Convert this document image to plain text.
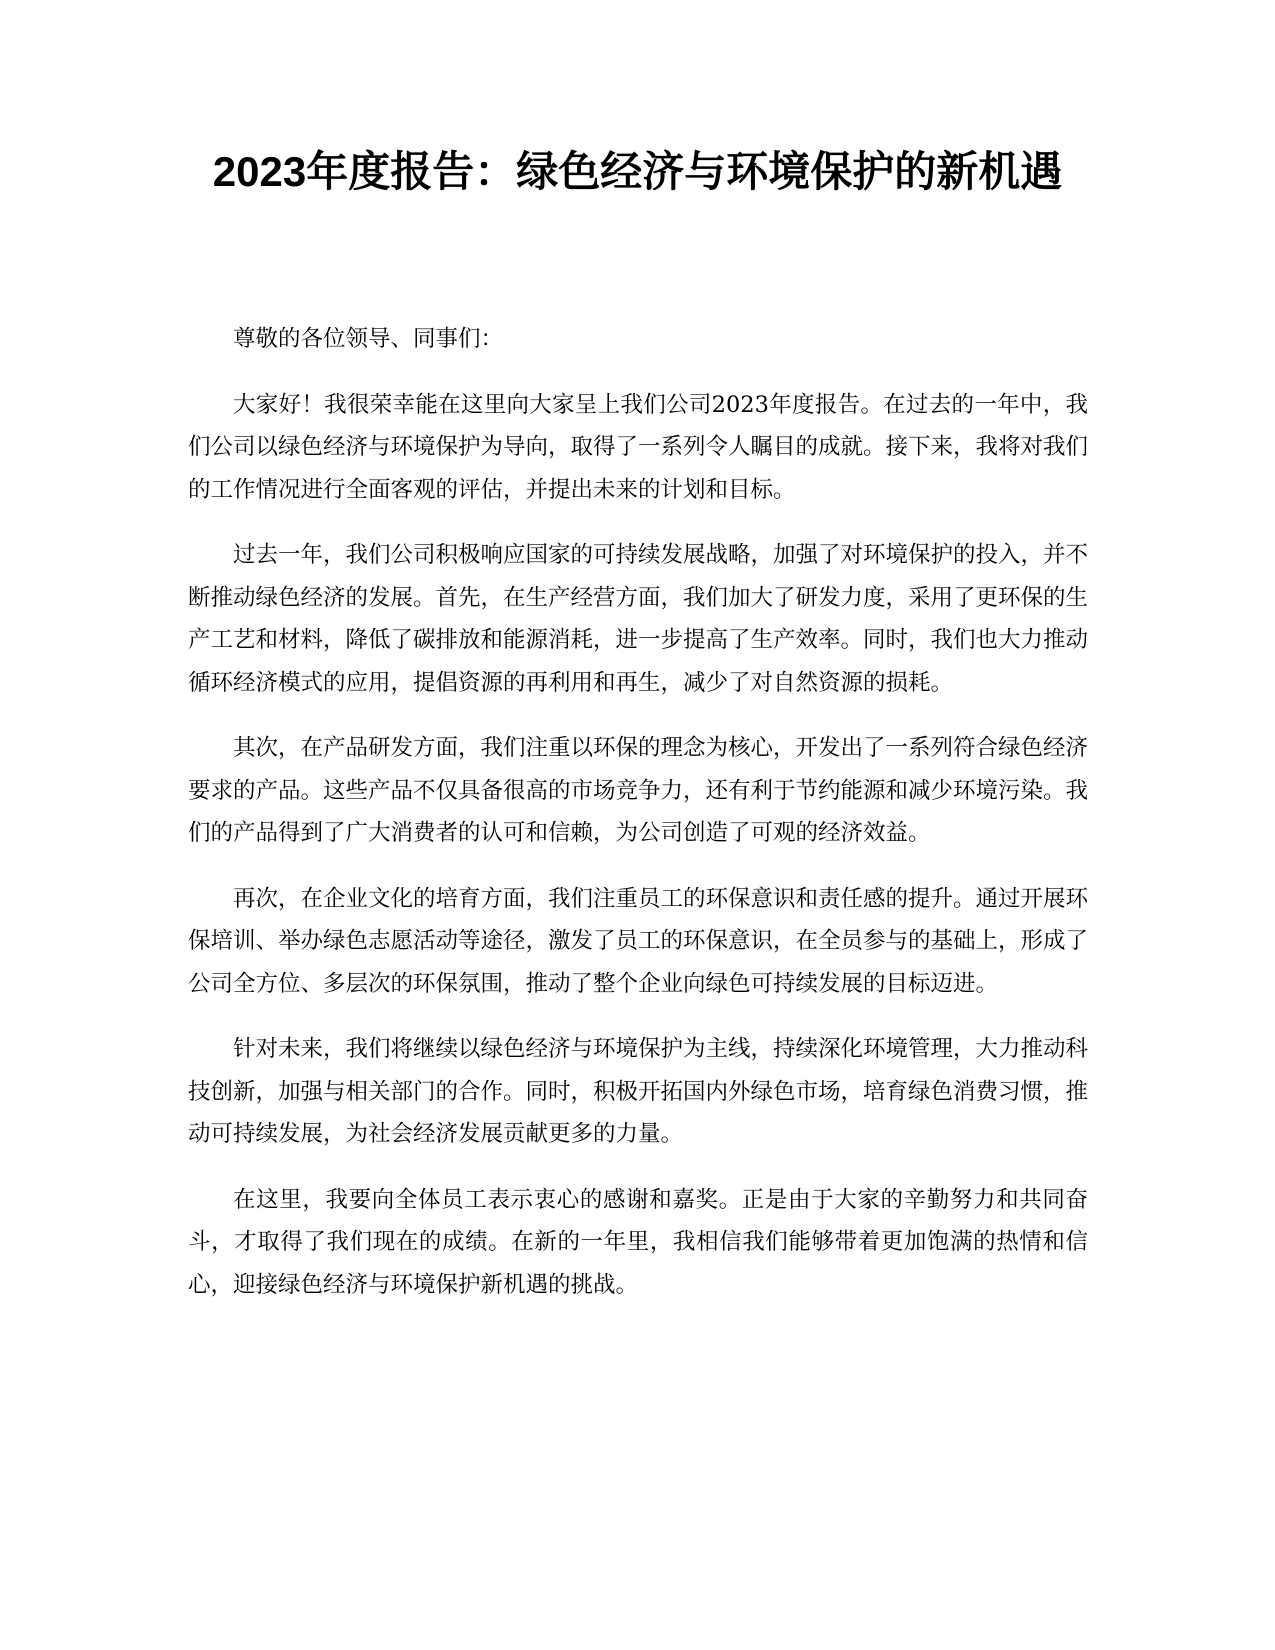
2023年度报告：绿色经济与环境保护的新机遇

尊敬的各位领导、同事们：

大家好！我很荣幸能在这里向大家呈上我们公司2023年度报告。在过去的一年中，我们公司以绿色经济与环境保护为导向，取得了一系列令人瞩目的成就。接下来，我将对我们的工作情况进行全面客观的评估，并提出未来的计划和目标。

过去一年，我们公司积极响应国家的可持续发展战略，加强了对环境保护的投入，并不断推动绿色经济的发展。首先，在生产经营方面，我们加大了研发力度，采用了更环保的生产工艺和材料，降低了碳排放和能源消耗，进一步提高了生产效率。同时，我们也大力推动循环经济模式的应用，提倡资源的再利用和再生，减少了对自然资源的损耗。

其次，在产品研发方面，我们注重以环保的理念为核心，开发出了一系列符合绿色经济要求的产品。这些产品不仅具备很高的市场竞争力，还有利于节约能源和减少环境污染。我们的产品得到了广大消费者的认可和信赖，为公司创造了可观的经济效益。

再次，在企业文化的培育方面，我们注重员工的环保意识和责任感的提升。通过开展环保培训、举办绿色志愿活动等途径，激发了员工的环保意识，在全员参与的基础上，形成了公司全方位、多层次的环保氛围，推动了整个企业向绿色可持续发展的目标迈进。

针对未来，我们将继续以绿色经济与环境保护为主线，持续深化环境管理，大力推动科技创新，加强与相关部门的合作。同时，积极开拓国内外绿色市场，培育绿色消费习惯，推动可持续发展，为社会经济发展贡献更多的力量。

在这里，我要向全体员工表示衷心的感谢和嘉奖。正是由于大家的辛勤努力和共同奋斗，才取得了我们现在的成绩。在新的一年里，我相信我们能够带着更加饱满的热情和信心，迎接绿色经济与环境保护新机遇的挑战。
